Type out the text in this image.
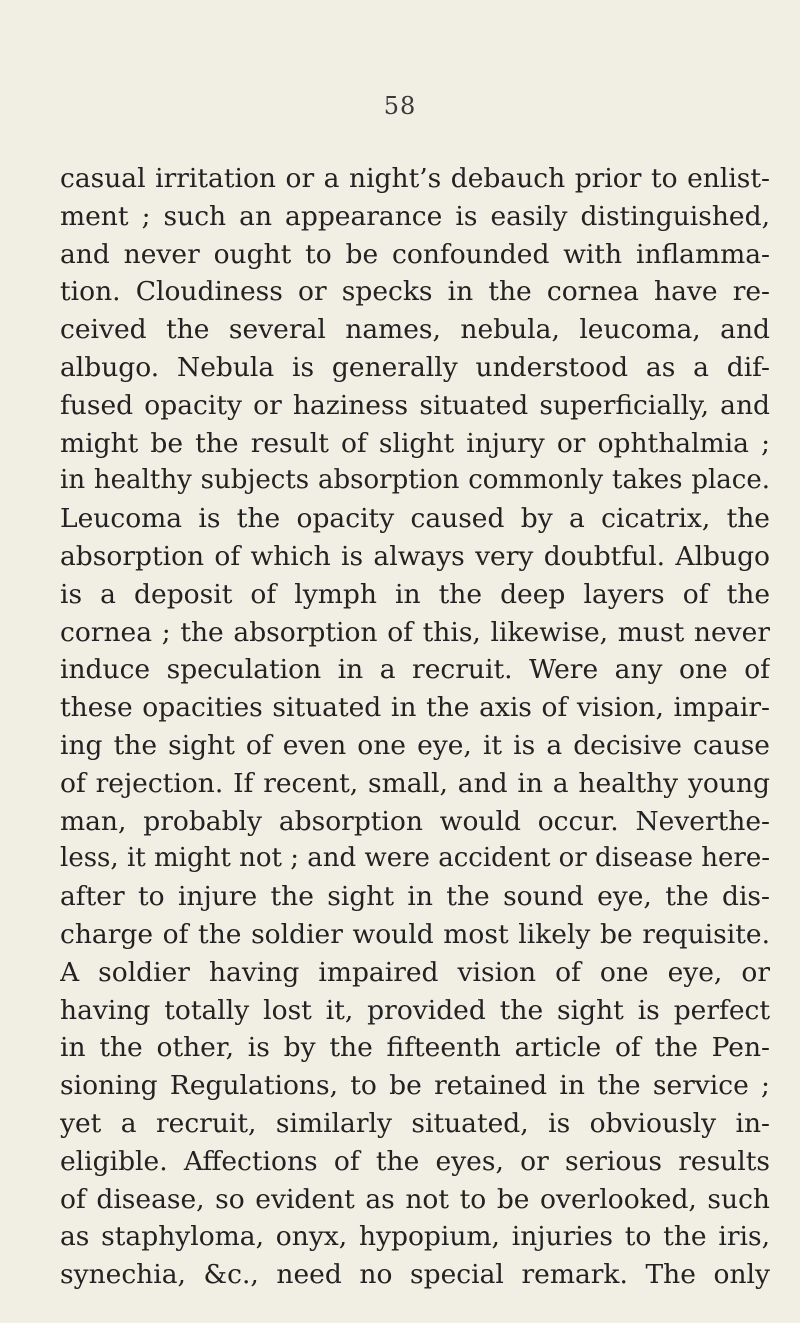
58
casual irritation or a night’s debauch prior to enlist-
ment ; such an appearance is easily distinguished,
and never ought to be confounded with inflamma-
tion. Cloudiness or specks in the cornea have re-
ceived the several names, nebula, leucoma, and
albugo. Nebula is generally understood as a dif-
fused opacity or haziness situated superficially, and
might be the result of slight injury or ophthalmia ;
in healthy subjects absorption commonly takes place.
Leucoma is the opacity caused by a cicatrix, the
absorption of which is always very doubtful. Albugo
is a deposit of lymph in the deep layers of the
cornea ; the absorption of this, likewise, must never
induce speculation in a recruit. Were any one of
these opacities situated in the axis of vision, impair-
ing the sight of even one eye, it is a decisive cause
of rejection. If recent, small, and in a healthy young
man, probably absorption would occur. Neverthe-
less, it might not ; and were accident or disease here-
after to injure the sight in the sound eye, the dis-
charge of the soldier would most likely be requisite.
A soldier having impaired vision of one eye, or
having totally lost it, provided the sight is perfect
in the other, is by the fifteenth article of the Pen-
sioning Regulations, to be retained in the service ;
yet a recruit, similarly situated, is obviously in-
eligible. Affections of the eyes, or serious results
of disease, so evident as not to be overlooked, such
as staphyloma, onyx, hypopium, injuries to the iris,
synechia, &c., need no special remark. The only
